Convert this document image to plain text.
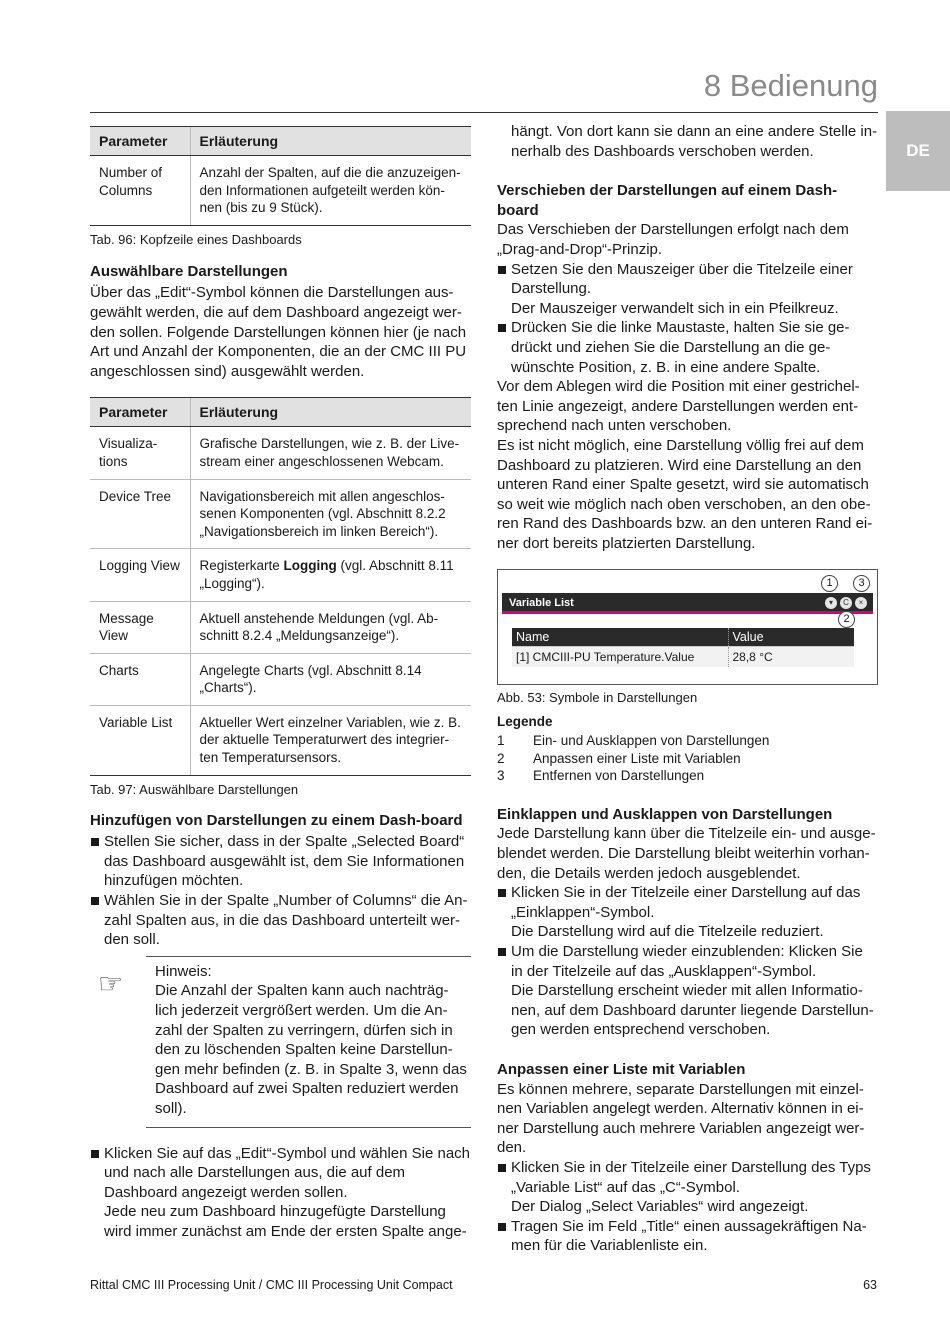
8 Bedienung
DE
Parameter	Erläuterung
Number of Columns	Anzahl der Spalten, auf die die anzuzeigen-den Informationen aufgeteilt werden kön-nen (bis zu 9 Stück).
Tab. 96: Kopfzeile eines Dashboards
Auswählbare Darstellungen

Über das „Edit“-Symbol können die Darstellungen aus-gewählt werden, die auf dem Dashboard angezeigt wer-den sollen. Folgende Darstellungen können hier (je nach Art und Anzahl der Komponenten, die an der CMC III PU angeschlossen sind) ausgewählt werden.

Parameter	Erläuterung
Visualiza-tions	Grafische Darstellungen, wie z. B. der Live-stream einer angeschlossenen Webcam.
Device Tree	Navigationsbereich mit allen angeschlos-senen Komponenten (vgl. Abschnitt 8.2.2 „Navigationsbereich im linken Bereich“).
Logging View	Registerkarte Logging (vgl. Abschnitt 8.11 „Logging“).
Message View	Aktuell anstehende Meldungen (vgl. Ab-schnitt 8.2.4 „Meldungsanzeige“).
Charts	Angelegte Charts (vgl. Abschnitt 8.14 „Charts“).
Variable List	Aktueller Wert einzelner Variablen, wie z. B. der aktuelle Temperaturwert des integrier-ten Temperatursensors.
Tab. 97: Auswählbare Darstellungen
Hinzufügen von Darstellungen zu einem Dash-board
Stellen Sie sicher, dass in der Spalte „Selected Board“ das Dashboard ausgewählt ist, dem Sie Informationen hinzufügen möchten.
Wählen Sie in der Spalte „Number of Columns“ die An-zahl Spalten aus, in die das Dashboard unterteilt wer-den soll.
☞ Hinweis:

Die Anzahl der Spalten kann auch nachträg-lich jederzeit vergrößert werden. Um die An-zahl der Spalten zu verringern, dürfen sich in den zu löschenden Spalten keine Darstellun-gen mehr befinden (z. B. in Spalte 3, wenn das Dashboard auf zwei Spalten reduziert werden soll).

Klicken Sie auf das „Edit“-Symbol und wählen Sie nach und nach alle Darstellungen aus, die auf dem Dashboard angezeigt werden sollen.
Jede neu zum Dashboard hinzugefügte Darstellung wird immer zunächst am Ende der ersten Spalte ange-

hängt. Von dort kann sie dann an eine andere Stelle in-nerhalb des Dashboards verschoben werden.

Verschieben der Darstellungen auf einem Dash-board

Das Verschieben der Darstellungen erfolgt nach dem „Drag-and-Drop“-Prinzip.

Setzen Sie den Mauszeiger über die Titelzeile einer Darstellung.
Der Mauszeiger verwandelt sich in ein Pfeilkreuz.
Drücken Sie die linke Maustaste, halten Sie sie ge-drückt und ziehen Sie die Darstellung an die ge-wünschte Position, z. B. in eine andere Spalte.

Vor dem Ablegen wird die Position mit einer gestrichel-ten Linie angezeigt, andere Darstellungen werden ent-sprechend nach unten verschoben.

Es ist nicht möglich, eine Darstellung völlig frei auf dem Dashboard zu platzieren. Wird eine Darstellung an den unteren Rand einer Spalte gesetzt, wird sie automatisch so weit wie möglich nach oben verschoben, an den obe-ren Rand des Dashboards bzw. an den unteren Rand ei-ner dort bereits platzierten Darstellung.

1	3
Variable List	▾	C	×
2
Name	Value
[1] CMCIII-PU Temperature.Value	28,8 °C
Abb. 53: Symbole in Darstellungen

Legende

1	Ein- und Ausklappen von Darstellungen
2	Anpassen einer Liste mit Variablen
3	Entfernen von Darstellungen
Einklappen und Ausklappen von Darstellungen

Jede Darstellung kann über die Titelzeile ein- und ausge-blendet werden. Die Darstellung bleibt weiterhin vorhan-den, die Details werden jedoch ausgeblendet.

Klicken Sie in der Titelzeile einer Darstellung auf das „Einklappen“-Symbol.
Die Darstellung wird auf die Titelzeile reduziert.
Um die Darstellung wieder einzublenden: Klicken Sie in der Titelzeile auf das „Ausklappen“-Symbol.
Die Darstellung erscheint wieder mit allen Informatio-nen, auf dem Dashboard darunter liegende Darstellun-gen werden entsprechend verschoben.
Anpassen einer Liste mit Variablen

Es können mehrere, separate Darstellungen mit einzel-nen Variablen angelegt werden. Alternativ können in ei-ner Darstellung auch mehrere Variablen angezeigt wer-den.

Klicken Sie in der Titelzeile einer Darstellung des Typs „Variable List“ auf das „C“-Symbol.
Der Dialog „Select Variables“ wird angezeigt.
Tragen Sie im Feld „Title“ einen aussagekräftigen Na-men für die Variablenliste ein.
Rittal CMC III Processing Unit / CMC III Processing Unit Compact	63
